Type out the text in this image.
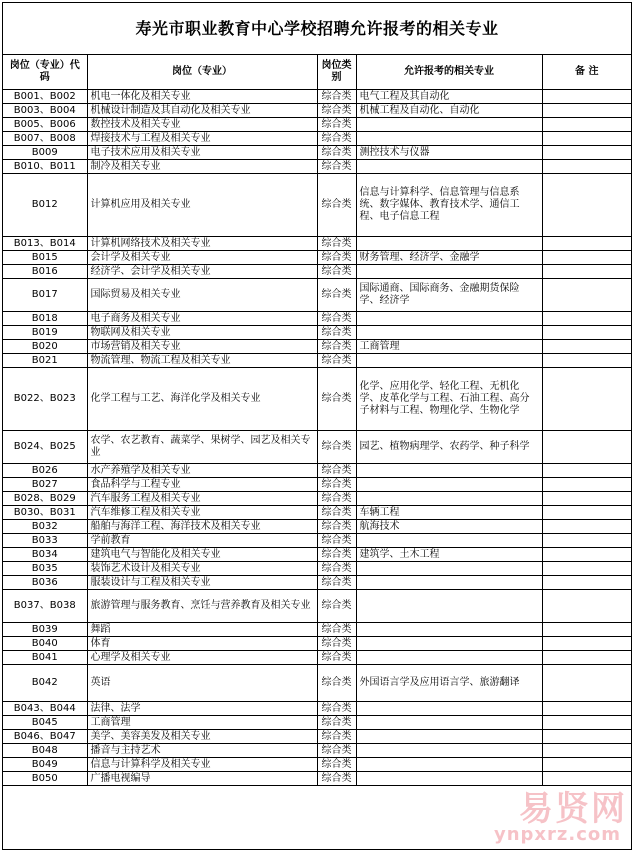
寿光市职业教育中心学校招聘允许报考的相关专业
岗位（专业）代码	岗位（专业）	岗位类别	允许报考的相关专业	备 注
B001、B002	机电一体化及相关专业	综合类	电气工程及其自动化	
B003、B004	机械设计制造及其自动化及相关专业	综合类	机械工程及自动化、自动化	
B005、B006	数控技术及相关专业	综合类		
B007、B008	焊接技术与工程及相关专业	综合类		
B009	电子技术应用及相关专业	综合类	测控技术与仪器	
B010、B011	制冷及相关专业	综合类		
B012	计算机应用及相关专业	综合类	信息与计算科学、信息管理与信息系统、数字媒体、教育技术学、通信工程、电子信息工程	
B013、B014	计算机网络技术及相关专业	综合类		
B015	会计学及相关专业	综合类	财务管理、经济学、金融学	
B016	经济学、会计学及相关专业	综合类		
B017	国际贸易及相关专业	综合类	国际通商、国际商务、金融期货保险学、经济学	
B018	电子商务及相关专业	综合类		
B019	物联网及相关专业	综合类		
B020	市场营销及相关专业	综合类	工商管理	
B021	物流管理、物流工程及相关专业	综合类		
B022、B023	化学工程与工艺、海洋化学及相关专业	综合类	化学、应用化学、轻化工程、无机化学、皮革化学与工程、石油工程、高分子材料与工程、物理化学、生物化学	
B024、B025	农学、农艺教育、蔬菜学、果树学、园艺及相关专业	综合类	园艺、植物病理学、农药学、种子科学	
B026	水产养殖学及相关专业	综合类		
B027	食品科学与工程专业	综合类		
B028、B029	汽车服务工程及相关专业	综合类		
B030、B031	汽车维修工程及相关专业	综合类	车辆工程	
B032	船舶与海洋工程、海洋技术及相关专业	综合类	航海技术	
B033	学前教育	综合类		
B034	建筑电气与智能化及相关专业	综合类	建筑学、土木工程	
B035	装饰艺术设计及相关专业	综合类		
B036	服装设计与工程及相关专业	综合类		
B037、B038	旅游管理与服务教育、烹饪与营养教育及相关专业	综合类		
B039	舞蹈	综合类		
B040	体育	综合类		
B041	心理学及相关专业	综合类		
B042	英语	综合类	外国语言学及应用语言学、旅游翻译	
B043、B044	法律、法学	综合类		
B045	工商管理	综合类		
B046、B047	美学、美容美发及相关专业	综合类		
B048	播音与主持艺术	综合类		
B049	信息与计算科学及相关专业	综合类		
B050	广播电视编导	综合类		
易贤网
ynpxrz.com
